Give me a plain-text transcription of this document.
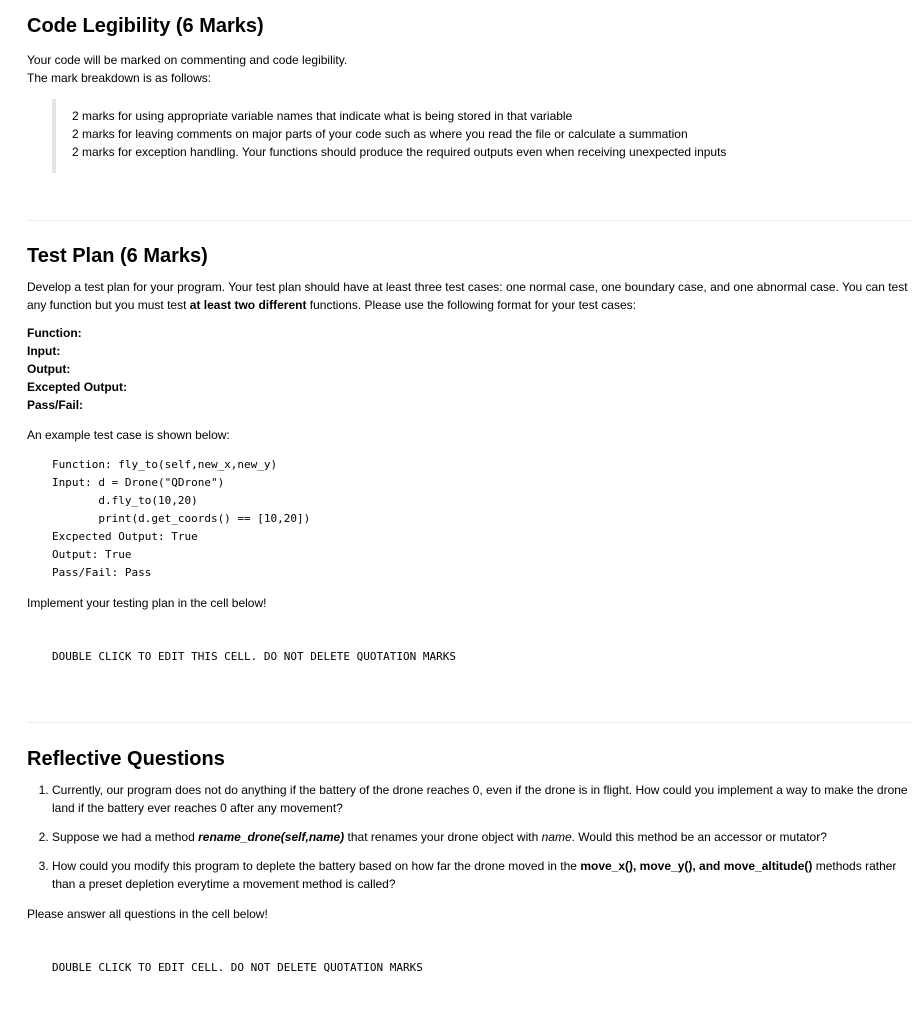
Code Legibility (6 Marks)

Your code will be marked on commenting and code legibility.

The mark breakdown is as follows:

2 marks for using appropriate variable names that indicate what is being stored in that variable

2 marks for leaving comments on major parts of your code such as where you read the file or calculate a summation

2 marks for exception handling. Your functions should produce the required outputs even when receiving unexpected inputs

Test Plan (6 Marks)

Develop a test plan for your program. Your test plan should have at least three test cases: one normal case, one boundary case, and one abnormal case. You can test any function but you must test at least two different functions. Please use the following format for your test cases:

Function:

Input:

Output:

Excepted Output:

Pass/Fail:

An example test case is shown below:

Function: fly_to(self,new_x,new_y)
Input: d = Drone("QDrone")
d.fly_to(10,20)
print(d.get_coords() == [10,20])
Excpected Output: True
Output: True
Pass/Fail: Pass

Implement your testing plan in the cell below!

DOUBLE CLICK TO EDIT THIS CELL. DO NOT DELETE QUOTATION MARKS
Reflective Questions
1. Currently, our program does not do anything if the battery of the drone reaches 0, even if the drone is in flight. How could you implement a way to make the drone land if the battery ever reaches 0 after any movement?
2. Suppose we had a method rename_drone(self,name) that renames your drone object with name. Would this method be an accessor or mutator?
3. How could you modify this program to deplete the battery based on how far the drone moved in the move_x(), move_y(), and move_altitude() methods rather than a preset depletion everytime a movement method is called?

Please answer all questions in the cell below!

DOUBLE CLICK TO EDIT CELL. DO NOT DELETE QUOTATION MARKS
